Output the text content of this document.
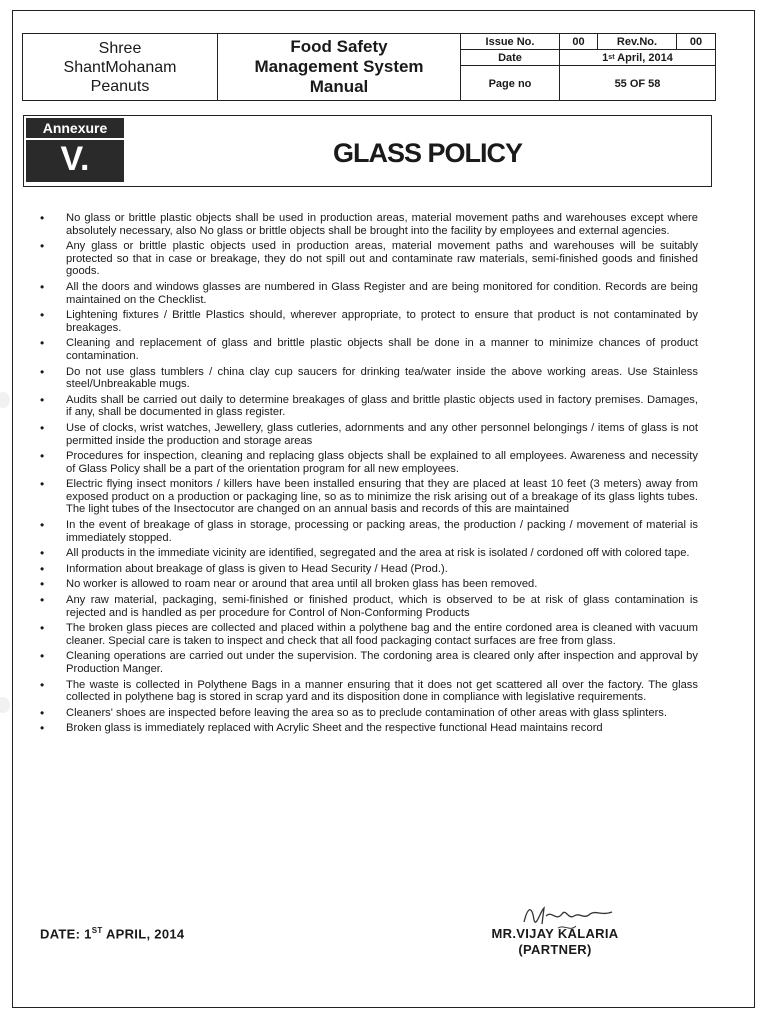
Shree
ShantMohanam
Peanuts
Food Safety
Management System
Manual
Issue No.	00	Rev.No.	00
Date	1 st April, 2014
Page no	55 OF 58
Annexure
V.	GLASS POLICY
• No glass or brittle plastic objects shall be used in production areas, material movement paths and warehouses except where absolutely necessary, also No glass or brittle objects shall be brought into the facility by employees and external agencies.
• Any glass or brittle plastic objects used in production areas, material movement paths and warehouses will be suitably protected so that in case or breakage, they do not spill out and contaminate raw materials, semi-finished goods and finished goods.
• All the doors and windows glasses are numbered in Glass Register and are being monitored for condition. Records are being maintained on the Checklist.
• Lightening fixtures / Brittle Plastics should, wherever appropriate, to protect to ensure that product is not contaminated by breakages.
• Cleaning and replacement of glass and brittle plastic objects shall be done in a manner to minimize chances of product contamination.
• Do not use glass tumblers / china clay cup saucers for drinking tea/water inside the above working areas. Use Stainless steel/Unbreakable mugs.
• Audits shall be carried out daily to determine breakages of glass and brittle plastic objects used in factory premises. Damages, if any, shall be documented in glass register.
• Use of clocks, wrist watches, Jewellery, glass cutleries, adornments and any other personnel belongings / items of glass is not permitted inside the production and storage areas
• Procedures for inspection, cleaning and replacing glass objects shall be explained to all employees. Awareness and necessity of Glass Policy shall be a part of the orientation program for all new employees.
• Electric flying insect monitors / killers have been installed ensuring that they are placed at least 10 feet (3 meters) away from exposed product on a production or packaging line, so as to minimize the risk arising out of a breakage of its glass lights tubes. The light tubes of the Insectocutor are changed on an annual basis and records of this are maintained
• In the event of breakage of glass in storage, processing or packing areas, the production / packing / movement of material is immediately stopped.
• All products in the immediate vicinity are identified, segregated and the area at risk is isolated / cordoned off with colored tape.
• Information about breakage of glass is given to Head Security / Head (Prod.).
• No worker is allowed to roam near or around that area until all broken glass has been removed.
• Any raw material, packaging, semi-finished or finished product, which is observed to be at risk of glass contamination is rejected and is handled as per procedure for Control of Non-Conforming Products
• The broken glass pieces are collected and placed within a polythene bag and the entire cordoned area is cleaned with vacuum cleaner. Special care is taken to inspect and check that all food packaging contact surfaces are free from glass.
• Cleaning operations are carried out under the supervision. The cordoning area is cleared only after inspection and approval by Production Manger.
• The waste is collected in Polythene Bags in a manner ensuring that it does not get scattered all over the factory. The glass collected in polythene bag is stored in scrap yard and its disposition done in compliance with legislative requirements.
• Cleaners' shoes are inspected before leaving the area so as to preclude contamination of other areas with glass splinters.
• Broken glass is immediately replaced with Acrylic Sheet and the respective functional Head maintains record
DATE: 1ST APRIL, 2014	MR.VIJAY KALARIA
(PARTNER)
